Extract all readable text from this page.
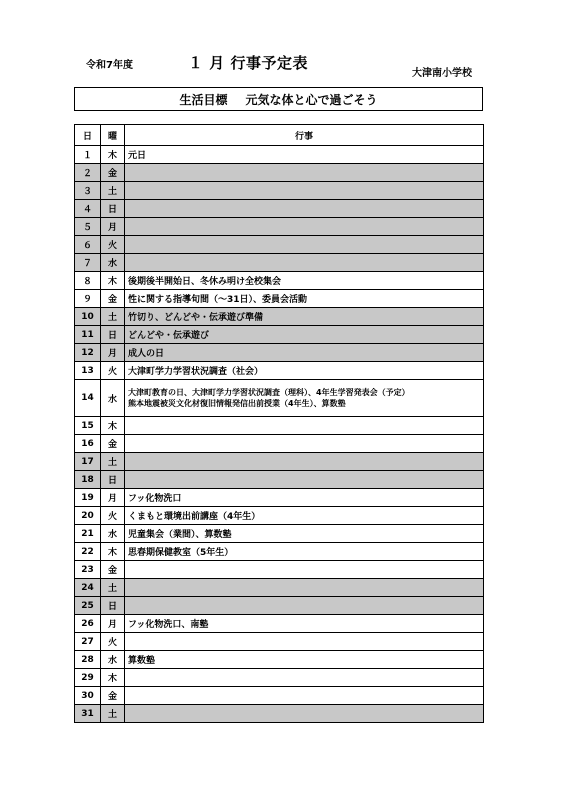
令和7年度	１ 月 行事予定表
大津南小学校
生活目標 元気な体と心で過ごそう
日	曜	行事
１	木	元日
２	金	
３	土	
４	日	
５	月	
６	火	
７	水	
８	木	後期後半開始日、冬休み明け全校集会
９	金	性に関する指導旬間（～31日）、委員会活動
10	土	竹切り、どんどや・伝承遊び準備
11	日	どんどや・伝承遊び
12	月	成人の日
13	火	大津町学力学習状況調査（社会）
14	水	大津町教育の日、大津町学力学習状況調査（理科）、4年生学習発表会（予定）
熊本地震被災文化材復旧情報発信出前授業（4年生）、算数塾

15	木	
16	金	
17	土	
18	日	
19	月	フッ化物洗口
20	火	くまもと環境出前講座（4年生）
21	水	児童集会（業間）、算数塾
22	木	思春期保健教室（5年生）
23	金	
24	土	
25	日	
26	月	フッ化物洗口、南塾
27	火	
28	水	算数塾
29	木	
30	金	
31	土	
